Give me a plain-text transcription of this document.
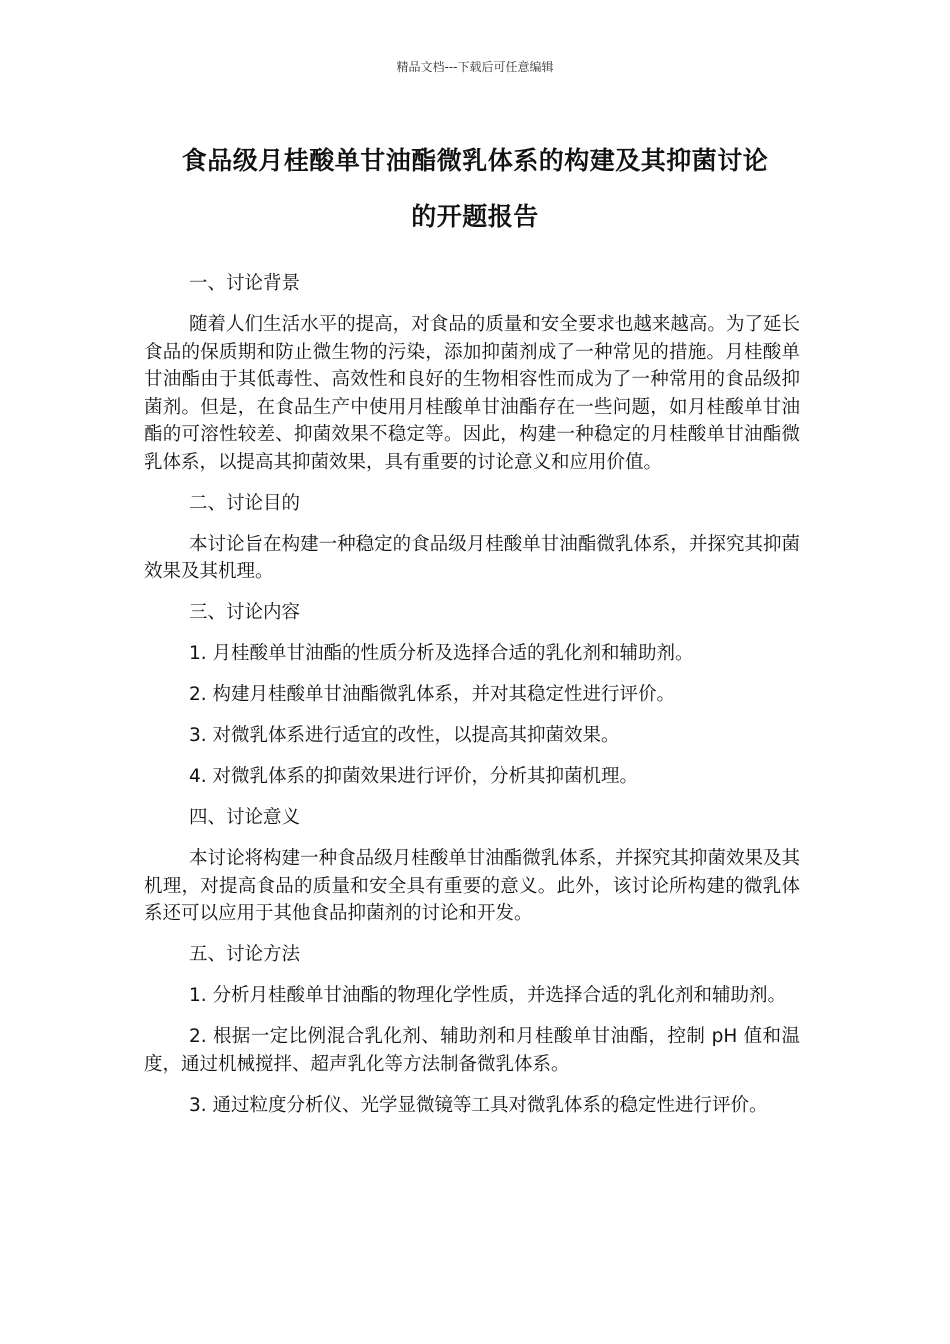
精品文档---下载后可任意编辑
食品级月桂酸单甘油酯微乳体系的构建及其抑菌讨论
的开题报告

一、讨论背景

随着人们生活水平的提高，对食品的质量和安全要求也越来越高。为了延长食品的保质期和防止微生物的污染，添加抑菌剂成了一种常见的措施。月桂酸单甘油酯由于其低毒性、高效性和良好的生物相容性而成为了一种常用的食品级抑菌剂。但是，在食品生产中使用月桂酸单甘油酯存在一些问题，如月桂酸单甘油酯的可溶性较差、抑菌效果不稳定等。因此，构建一种稳定的月桂酸单甘油酯微乳体系，以提高其抑菌效果，具有重要的讨论意义和应用价值。

二、讨论目的

本讨论旨在构建一种稳定的食品级月桂酸单甘油酯微乳体系，并探究其抑菌效果及其机理。

三、讨论内容

1. 月桂酸单甘油酯的性质分析及选择合适的乳化剂和辅助剂。

2. 构建月桂酸单甘油酯微乳体系，并对其稳定性进行评价。

3. 对微乳体系进行适宜的改性，以提高其抑菌效果。

4. 对微乳体系的抑菌效果进行评价，分析其抑菌机理。

四、讨论意义

本讨论将构建一种食品级月桂酸单甘油酯微乳体系，并探究其抑菌效果及其机理，对提高食品的质量和安全具有重要的意义。此外，该讨论所构建的微乳体系还可以应用于其他食品抑菌剂的讨论和开发。

五、讨论方法

1. 分析月桂酸单甘油酯的物理化学性质，并选择合适的乳化剂和辅助剂。

2. 根据一定比例混合乳化剂、辅助剂和月桂酸单甘油酯，控制 pH 值和温度，通过机械搅拌、超声乳化等方法制备微乳体系。

3. 通过粒度分析仪、光学显微镜等工具对微乳体系的稳定性进行评价。
